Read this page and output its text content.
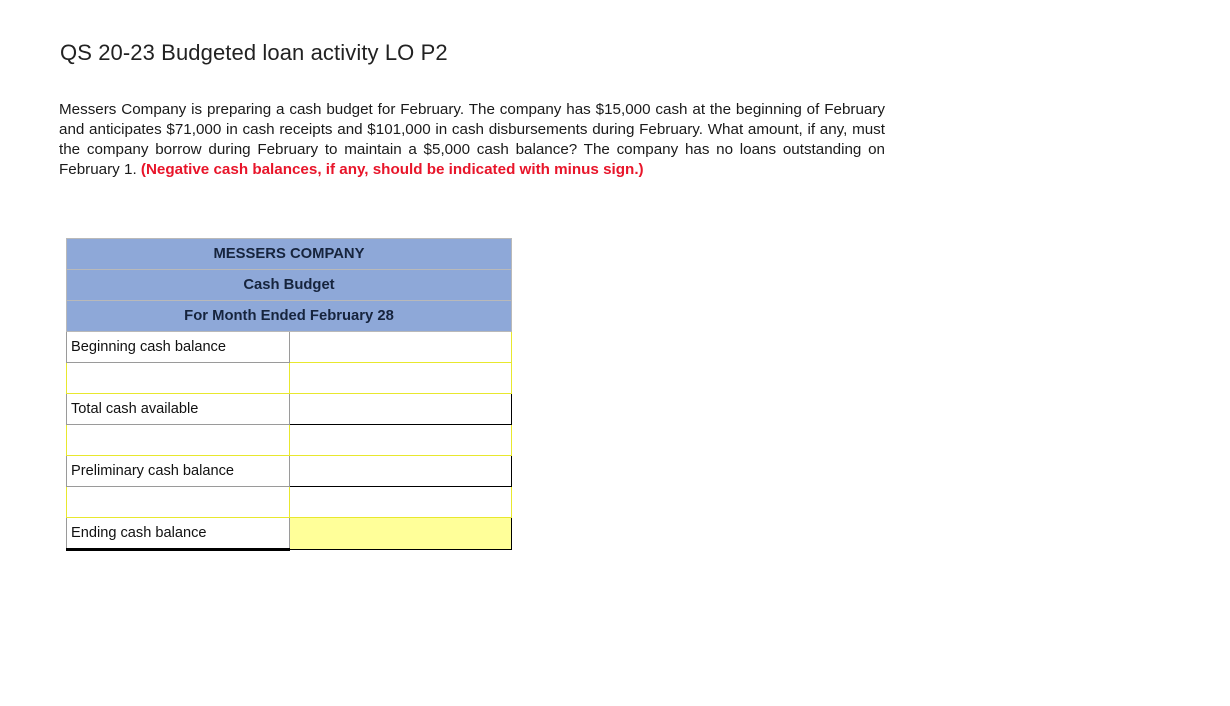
QS 20-23 Budgeted loan activity LO P2
Messers Company is preparing a cash budget for February. The company has $15,000 cash at the beginning of February and anticipates $71,000 in cash receipts and $101,000 in cash disbursements during February. What amount, if any, must the company borrow during February to maintain a $5,000 cash balance? The company has no loans outstanding on February 1. (Negative cash balances, if any, should be indicated with minus sign.)
MESSERS COMPANY	
Cash Budget	
For Month Ended February 28	

Beginning cash balance	

Total cash available	

Preliminary cash balance	

Ending cash balance	
